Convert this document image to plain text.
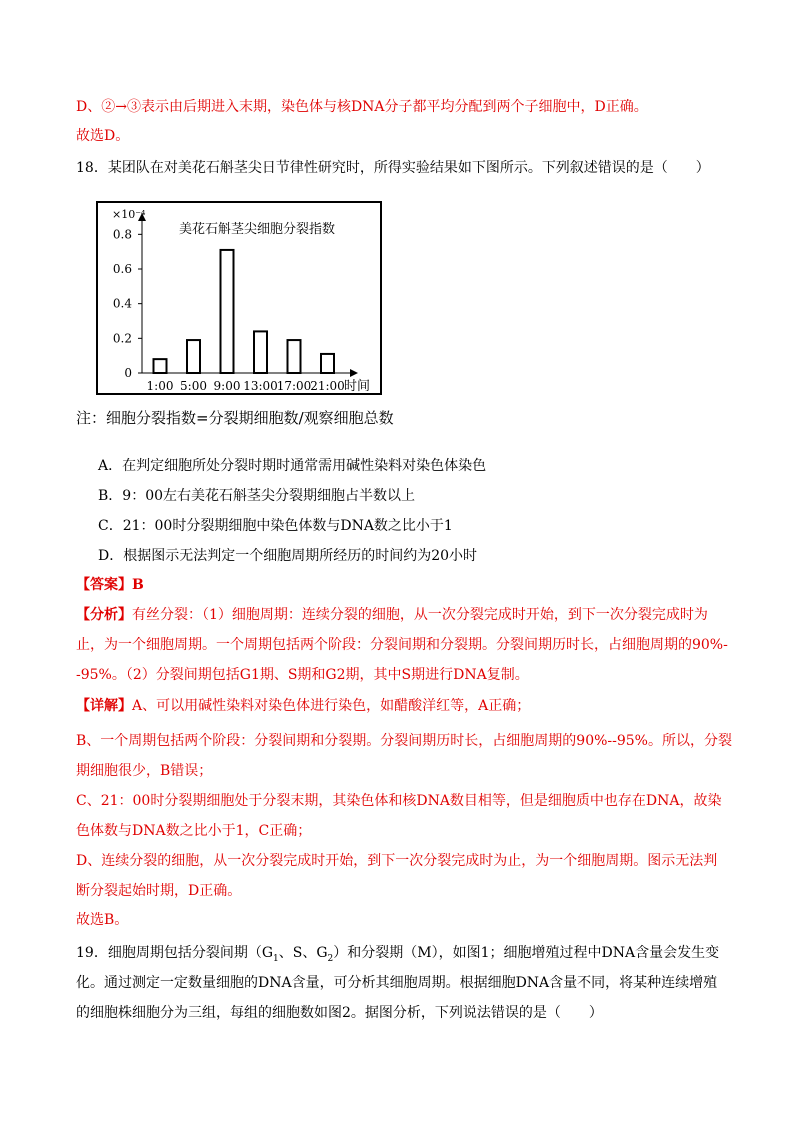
D、②→③表示由后期进入末期，染色体与核DNA分子都平均分配到两个子细胞中，D正确。
故选D。
18．某团队在对美花石斛茎尖日节律性研究时，所得实验结果如下图所示。下列叙述错误的是（　　）
0
0.2
0.4
0.6
0.8
×10⁻⁴
美花石斛茎尖细胞分裂指数
1:00 5:00 9:00 13:00
17:00
21:00 时间
注：细胞分裂指数=分裂期细胞数/观察细胞总数
A．在判定细胞所处分裂时期时通常需用碱性染料对染色体染色
B．9：00左右美花石斛茎尖分裂期细胞占半数以上
C．21：00时分裂期细胞中染色体数与DNA数之比小于1
D．根据图示无法判定一个细胞周期所经历的时间约为20小时
【答案】B
【分析】有丝分裂：（1）细胞周期：连续分裂的细胞，从一次分裂完成时开始，到下一次分裂完成时为
止，为一个细胞周期。一个周期包括两个阶段：分裂间期和分裂期。分裂间期历时长，占细胞周期的90%-
-95%。（2）分裂间期包括G1期、S期和G2期，其中S期进行DNA复制。
【详解】A、可以用碱性染料对染色体进行染色，如醋酸洋红等，A正确；
B、一个周期包括两个阶段：分裂间期和分裂期。分裂间期历时长，占细胞周期的90%--95%。所以，分裂
期细胞很少，B错误；
C、21：00时分裂期细胞处于分裂末期，其染色体和核DNA数目相等，但是细胞质中也存在DNA，故染
色体数与DNA数之比小于1，C正确；
D、连续分裂的细胞，从一次分裂完成时开始，到下一次分裂完成时为止，为一个细胞周期。图示无法判
断分裂起始时期，D正确。
故选B。
19．细胞周期包括分裂间期（$G_1$、S、$G_2$）和分裂期（M），如图1；细胞增殖过程中DNA含量会发生变
化。通过测定一定数量细胞的DNA含量，可分析其细胞周期。根据细胞DNA含量不同，将某种连续增殖
的细胞株细胞分为三组，每组的细胞数如图2。据图分析，下列说法错误的是（　　）
